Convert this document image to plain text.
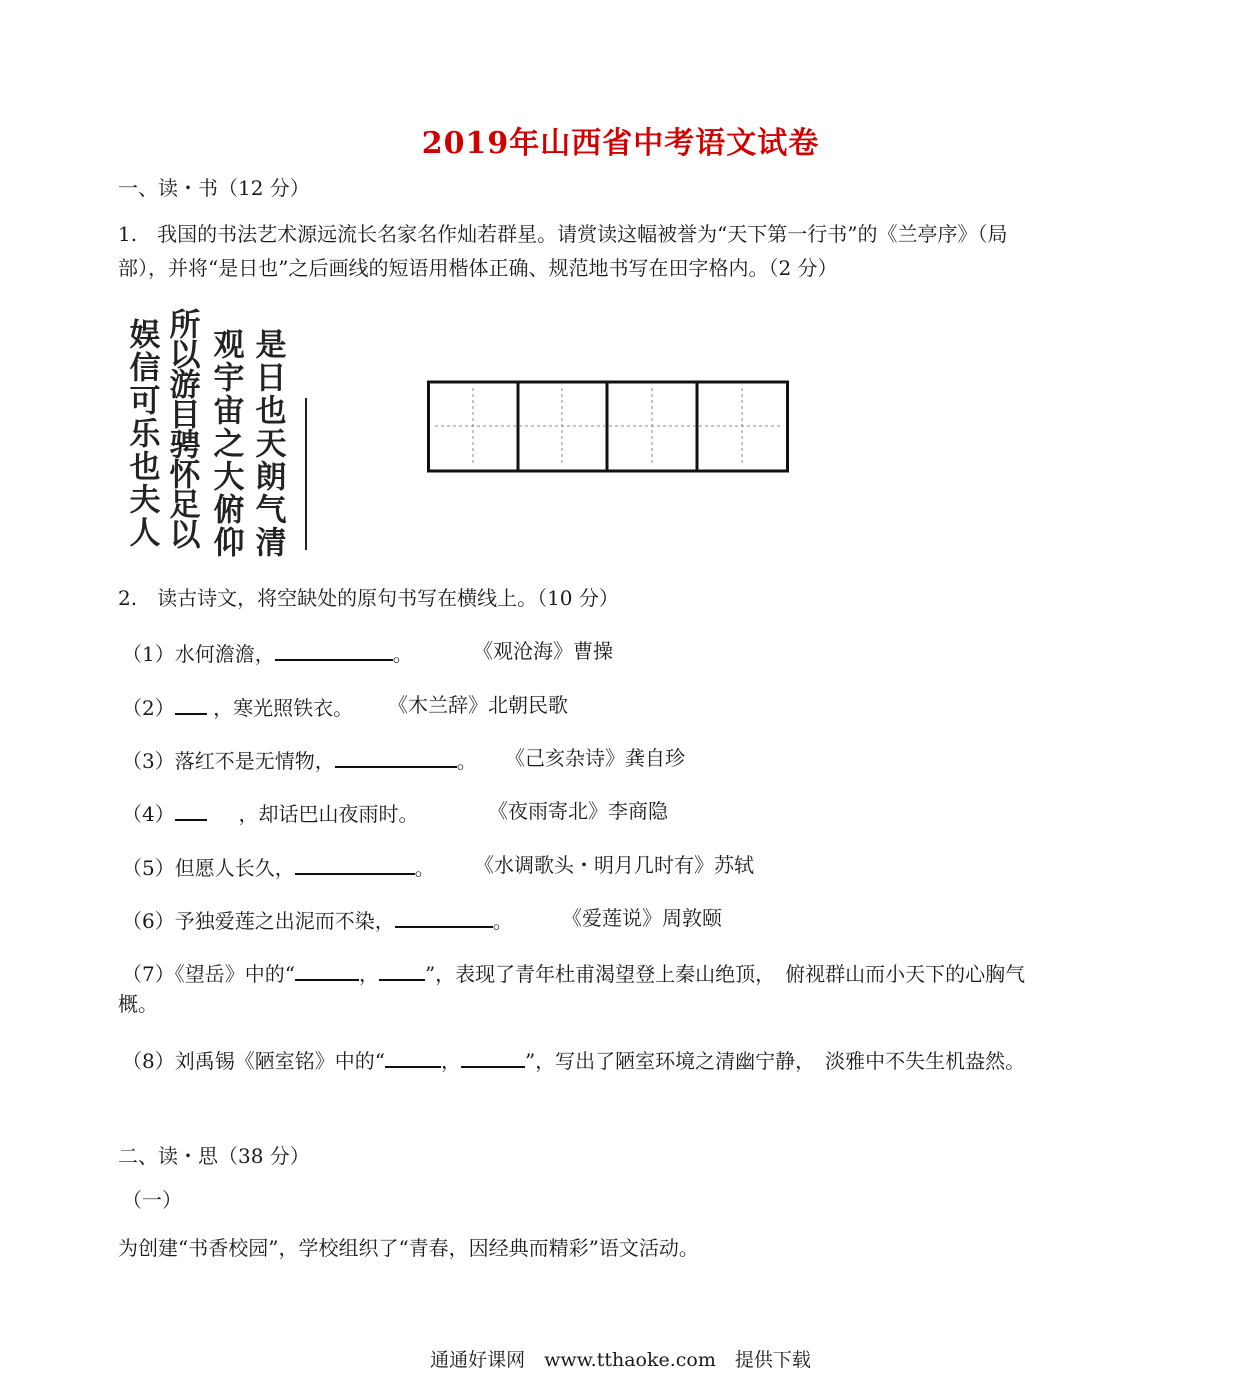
2019年山西省中考语文试卷
一、读・书（12 分）
1.　我国的书法艺术源远流长名家名作灿若群星。请赏读这幅被誉为“天下第一行书”的《兰亭序》（局
部），并将“是日也”之后画线的短语用楷体正确、规范地书写在田字格内。（2 分）
是日也天朗气清
观宇宙之大俯仰
所以游目骋怀足以
娱信可乐也夫人
2.　读古诗文，将空缺处的原句书写在横线上。（10 分）
（1）水何澹澹，	。	《观沧海》曹操
（2） ，寒光照铁衣。 《木兰辞》北朝民歌
（3）落红不是无情物，	。 《己亥杂诗》龚自珍
（4）	，却话巴山夜雨时。	《夜雨寄北》李商隐
（5）但愿人长久，	。 《水调歌头・明月几时有》苏轼
（6）予独爱莲之出泥而不染，	。 《爱莲说》周敦颐
（7）《望岳》中的“	， ”，表现了青年杜甫渴望登上秦山绝顶，　俯视群山而小天下的心胸气
概。
（8）刘禹锡《陋室铭》中的“	，	”，写出了陋室环境之清幽宁静，　淡雅中不失生机盎然。
二、读・思（38 分）
（一）
为创建“书香校园”，学校组织了“青春，因经典而精彩”语文活动。
通通好课网　www.tthaoke.com　提供下载
